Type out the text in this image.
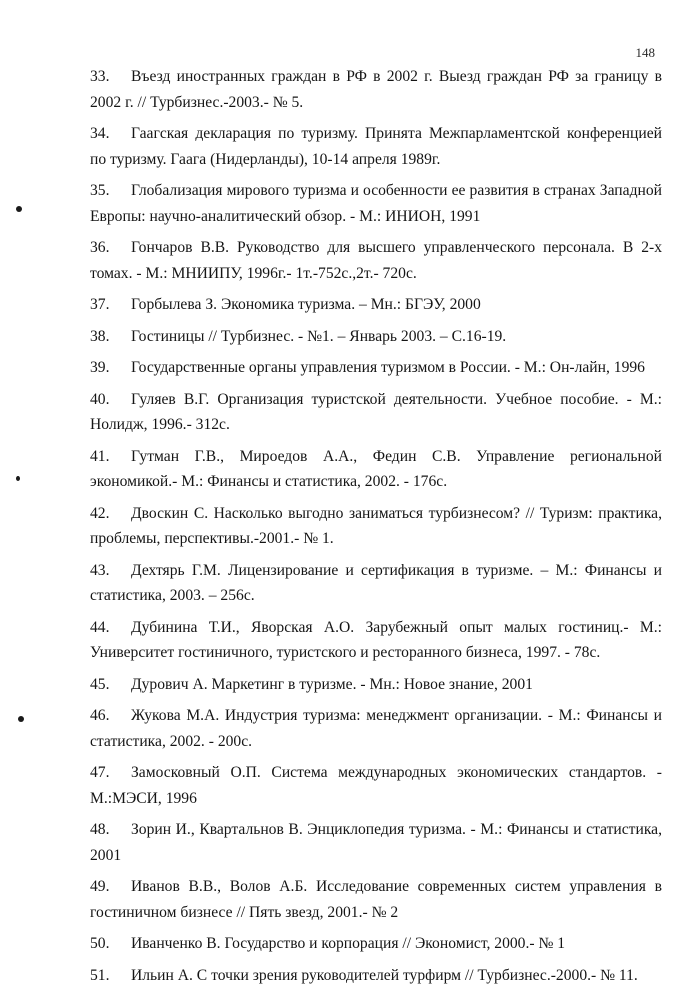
148
33. Въезд иностранных граждан в РФ в 2002 г. Выезд граждан РФ за границу в 2002 г. // Турбизнес.-2003.- № 5.
34. Гаагская декларация по туризму. Принята Межпарламентской конференцией по туризму. Гаага (Нидерланды), 10-14 апреля 1989г.
35. Глобализация мирового туризма и особенности ее развития в странах Западной Европы: научно-аналитический обзор. - М.: ИНИОН, 1991
36. Гончаров В.В. Руководство для высшего управленческого персонала. В 2-х томах. - М.: МНИИПУ, 1996г.- 1т.-752с.,2т.- 720с.
37. Горбылева З. Экономика туризма. – Мн.: БГЭУ, 2000
38. Гостиницы // Турбизнес. - №1. – Январь 2003. – С.16-19.
39. Государственные органы управления туризмом в России. - М.: Он-лайн, 1996
40. Гуляев В.Г. Организация туристской деятельности. Учебное пособие. - М.: Нолидж, 1996.- 312с.
41. Гутман Г.В., Мироедов А.А., Федин С.В. Управление региональной экономикой.- М.: Финансы и статистика, 2002. - 176с.
42. Двоскин С. Насколько выгодно заниматься турбизнесом? // Туризм: практика, проблемы, перспективы.-2001.- № 1.
43. Дехтярь Г.М. Лицензирование и сертификация в туризме. – М.: Финансы и статистика, 2003. – 256с.
44. Дубинина Т.И., Яворская А.О. Зарубежный опыт малых гостиниц.- М.: Университет гостиничного, туристского и ресторанного бизнеса, 1997. - 78с.
45. Дурович А. Маркетинг в туризме. - Мн.: Новое знание, 2001
46. Жукова М.А. Индустрия туризма: менеджмент организации. - М.: Финансы и статистика, 2002. - 200с.
47. Замосковный О.П. Система международных экономических стандартов. - М.:МЭСИ, 1996
48. Зорин И., Квартальнов В. Энциклопедия туризма. - М.: Финансы и статистика, 2001
49. Иванов В.В., Волов А.Б. Исследование современных систем управления в гостиничном бизнесе // Пять звезд, 2001.- № 2
50. Иванченко В. Государство и корпорация // Экономист, 2000.- № 1
51. Ильин А. С точки зрения руководителей турфирм // Турбизнес.-2000.- № 11.
